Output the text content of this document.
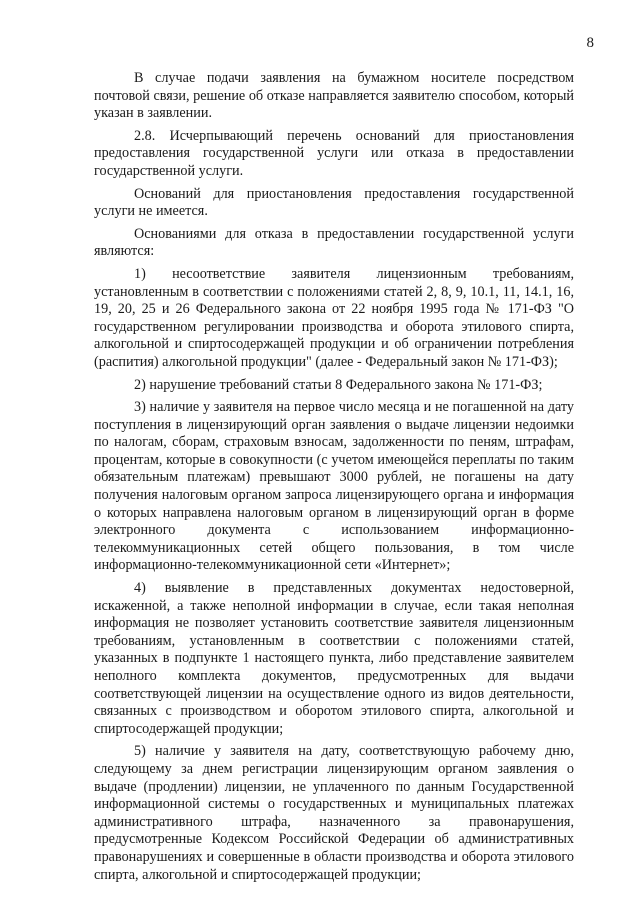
8

В случае подачи заявления на бумажном носителе посредством почтовой связи, решение об отказе направляется заявителю способом, который указан в заявлении.

2.8. Исчерпывающий перечень оснований для приостановления предоставления государственной услуги или отказа в предоставлении государственной услуги.

Оснований для приостановления предоставления государственной услуги не имеется.

Основаниями для отказа в предоставлении государственной услуги являются:

1) несоответствие заявителя лицензионным требованиям, установленным в соответствии с положениями статей 2, 8, 9, 10.1, 11, 14.1, 16, 19, 20, 25 и 26 Федерального закона от 22 ноября 1995 года № 171-ФЗ "О государственном регулировании производства и оборота этилового спирта, алкогольной и спиртосодержащей продукции и об ограничении потребления (распития) алкогольной продукции" (далее - Федеральный закон № 171-ФЗ);

2) нарушение требований статьи 8 Федерального закона № 171-ФЗ;

3) наличие у заявителя на первое число месяца и не погашенной на дату поступления в лицензирующий орган заявления о выдаче лицензии недоимки по налогам, сборам, страховым взносам, задолженности по пеням, штрафам, процентам, которые в совокупности (с учетом имеющейся переплаты по таким обязательным платежам) превышают 3000 рублей, не погашены на дату получения налоговым органом запроса лицензирующего органа и информация о которых направлена налоговым органом в лицензирующий орган в форме электронного документа с использованием информационно-телекоммуникационных сетей общего пользования, в том числе информационно-телекоммуникационной сети «Интернет»;

4) выявление в представленных документах недостоверной, искаженной, а также неполной информации в случае, если такая неполная информация не позволяет установить соответствие заявителя лицензионным требованиям, установленным в соответствии с положениями статей, указанных в подпункте 1 настоящего пункта, либо представление заявителем неполного комплекта документов, предусмотренных для выдачи соответствующей лицензии на осуществление одного из видов деятельности, связанных с производством и оборотом этилового спирта, алкогольной и спиртосодержащей продукции;

5) наличие у заявителя на дату, соответствующую рабочему дню, следующему за днем регистрации лицензирующим органом заявления о выдаче (продлении) лицензии, не уплаченного по данным Государственной информационной системы о государственных и муниципальных платежах административного штрафа, назначенного за правонарушения, предусмотренные Кодексом Российской Федерации об административных правонарушениях и совершенные в области производства и оборота этилового спирта, алкогольной и спиртосодержащей продукции;
